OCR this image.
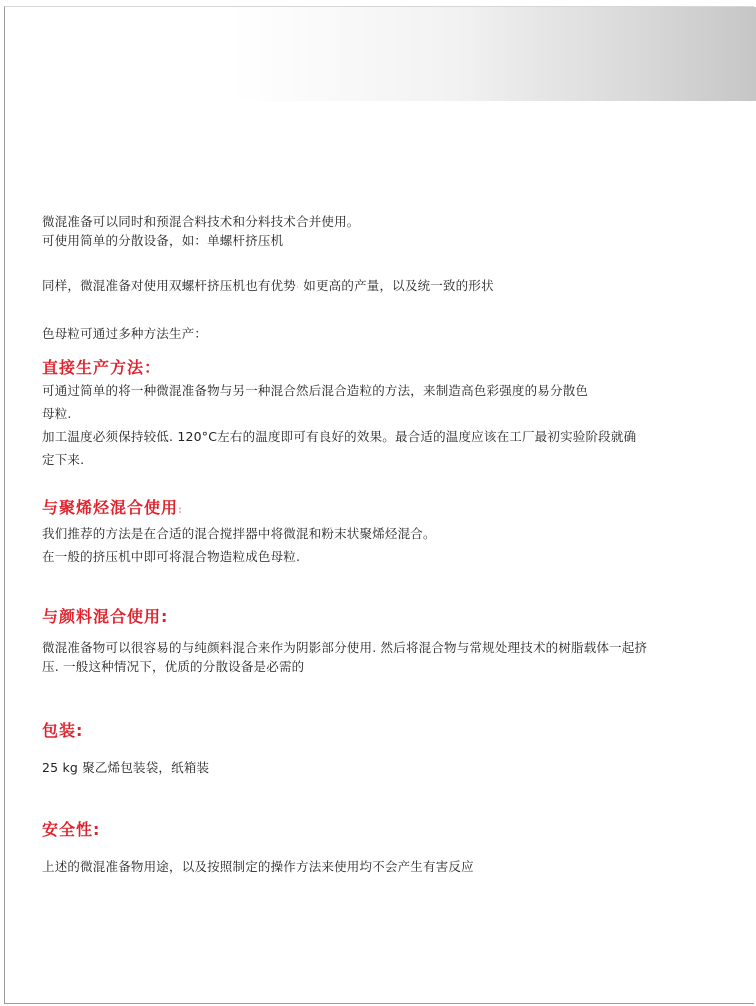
微混准备可以同时和预混合料技术和分料技术合并使用。
可使用简单的分散设备，如：单螺杆挤压机

同样，微混准备对使用双螺杆挤压机也有优势· 如更高的产量，以及统一致的形状

色母粒可通过多种方法生产：

直接生产方法：

可通过简单的将一种微混准备物与另一种混合然后混合造粒的方法，来制造高色彩强度的易分散色
母粒.
加工温度必须保持较低. 120°C左右的温度即可有良好的效果。最合适的温度应该在工厂最初实验阶段就确
定下来.

与聚烯烃混合使用:

我们推荐的方法是在合适的混合搅拌器中将微混和粉末状聚烯烃混合。
在一般的挤压机中即可将混合物造粒成色母粒.

与颜料混合使用:

微混准备物可以很容易的与纯颜料混合来作为阴影部分使用. 然后将混合物与常规处理技术的树脂载体一起挤
压. 一般这种情况下，优质的分散设备是必需的

包装:

25 kg 聚乙烯包装袋，纸箱装

安全性:

上述的微混准备物用途，以及按照制定的操作方法来使用均不会产生有害反应
